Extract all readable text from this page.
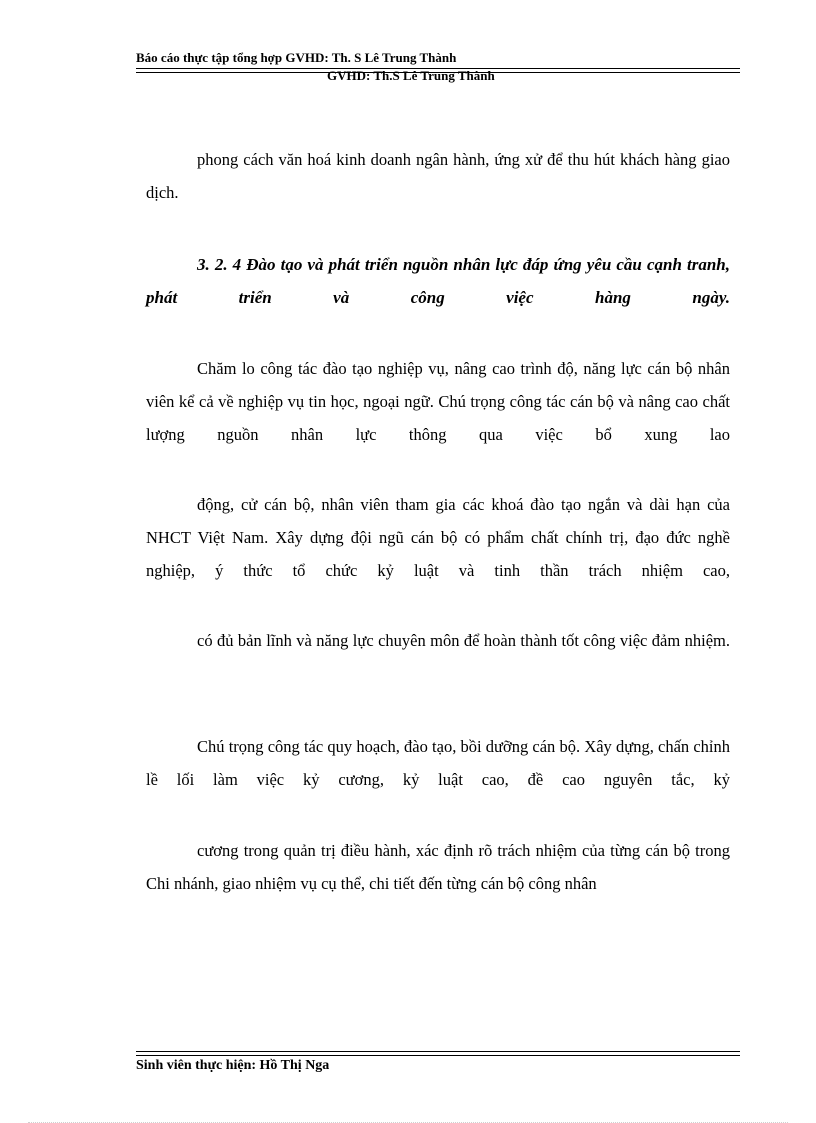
Báo cáo thực tập tổng hợp GVHD: Th. S Lê Trung Thành
GVHD: Th.S Lê Trung Thành

phong cách văn hoá kinh doanh ngân hành, ứng xử để thu hút khách hàng giao dịch.

3. 2. 4 Đào tạo và phát triển nguồn nhân lực đáp ứng yêu cầu cạnh tranh, phát triển và công việc hàng ngày.

Chăm lo công tác đào tạo nghiệp vụ, nâng cao trình độ, năng lực cán bộ nhân viên kể cả về nghiệp vụ tin học, ngoại ngữ. Chú trọng công tác cán bộ và nâng cao chất lượng nguồn nhân lực thông qua việc bổ xung lao

động, cử cán bộ, nhân viên tham gia các khoá đào tạo ngắn và dài hạn của NHCT Việt Nam. Xây dựng đội ngũ cán bộ có phẩm chất chính trị, đạo đức nghề nghiệp, ý thức tổ chức kỷ luật và tinh thần trách nhiệm cao,

có đủ bản lĩnh và năng lực chuyên môn để hoàn thành tốt công việc đảm nhiệm.

Chú trọng công tác quy hoạch, đào tạo, bồi dưỡng cán bộ. Xây dựng, chấn chỉnh lề lối làm việc kỷ cương, kỷ luật cao, đề cao nguyên tắc, kỷ

cương trong quản trị điều hành, xác định rõ trách nhiệm của từng cán bộ trong Chi nhánh, giao nhiệm vụ cụ thể, chi tiết đến từng cán bộ công nhân

Sinh viên thực hiện: Hồ Thị Nga
